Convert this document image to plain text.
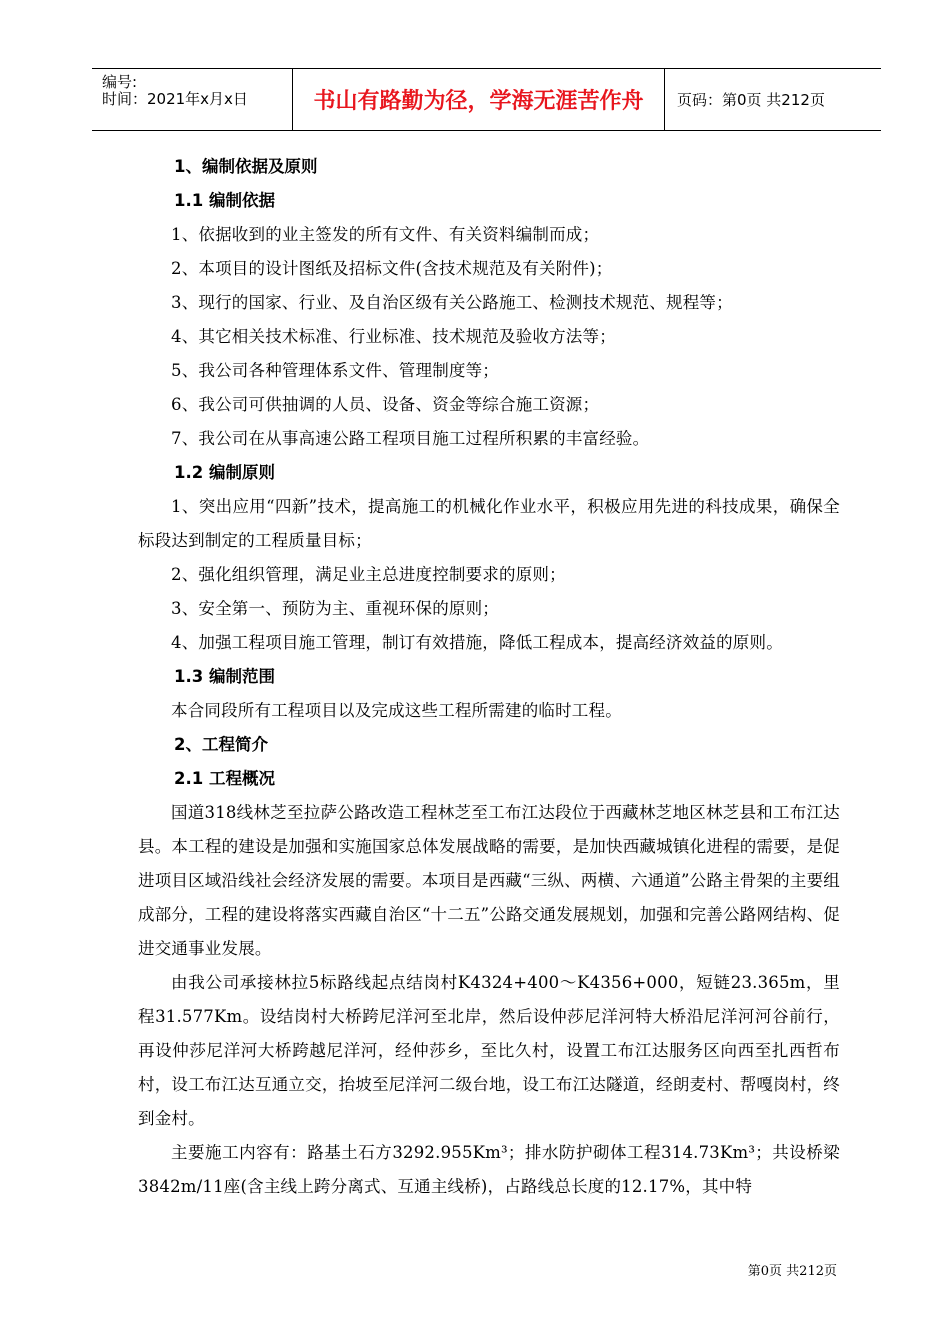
编号:
时间：2021年x月x日	书山有路勤为径，学海无涯苦作舟	页码：第0页 共212页

1、编制依据及原则

1.1 编制依据

1、依据收到的业主签发的所有文件、有关资料编制而成；

2、本项目的设计图纸及招标文件(含技术规范及有关附件)；

3、现行的国家、行业、及自治区级有关公路施工、检测技术规范、规程等；

4、其它相关技术标准、行业标准、技术规范及验收方法等；

5、我公司各种管理体系文件、管理制度等；

6、我公司可供抽调的人员、设备、资金等综合施工资源；

7、我公司在从事高速公路工程项目施工过程所积累的丰富经验。

1.2 编制原则

1、突出应用“四新”技术，提高施工的机械化作业水平，积极应用先进的科技成果，确保全标段达到制定的工程质量目标；

2、强化组织管理，满足业主总进度控制要求的原则；

3、安全第一、预防为主、重视环保的原则；

4、加强工程项目施工管理，制订有效措施，降低工程成本，提高经济效益的原则。

1.3 编制范围

本合同段所有工程项目以及完成这些工程所需建的临时工程。

2、工程简介

2.1 工程概况

国道318线林芝至拉萨公路改造工程林芝至工布江达段位于西藏林芝地区林芝县和工布江达县。本工程的建设是加强和实施国家总体发展战略的需要，是加快西藏城镇化进程的需要，是促进项目区域沿线社会经济发展的需要。本项目是西藏“三纵、两横、六通道”公路主骨架的主要组成部分，工程的建设将落实西藏自治区“十二五”公路交通发展规划，加强和完善公路网结构、促进交通事业发展。

由我公司承接林拉5标路线起点结岗村K4324+400～K4356+000，短链23.365m，里程31.577Km。设结岗村大桥跨尼洋河至北岸，然后设仲莎尼洋河特大桥沿尼洋河河谷前行，再设仲莎尼洋河大桥跨越尼洋河，经仲莎乡，至比久村，设置工布江达服务区向西至扎西哲布村，设工布江达互通立交，抬坡至尼洋河二级台地，设工布江达隧道，经朗麦村、帮嘎岗村，终到金村。

主要施工内容有：路基土石方3292.955Km³；排水防护砌体工程314.73Km³；共设桥梁3842m/11座(含主线上跨分离式、互通主线桥)，占路线总长度的12.17%，其中特

第0页 共212页
